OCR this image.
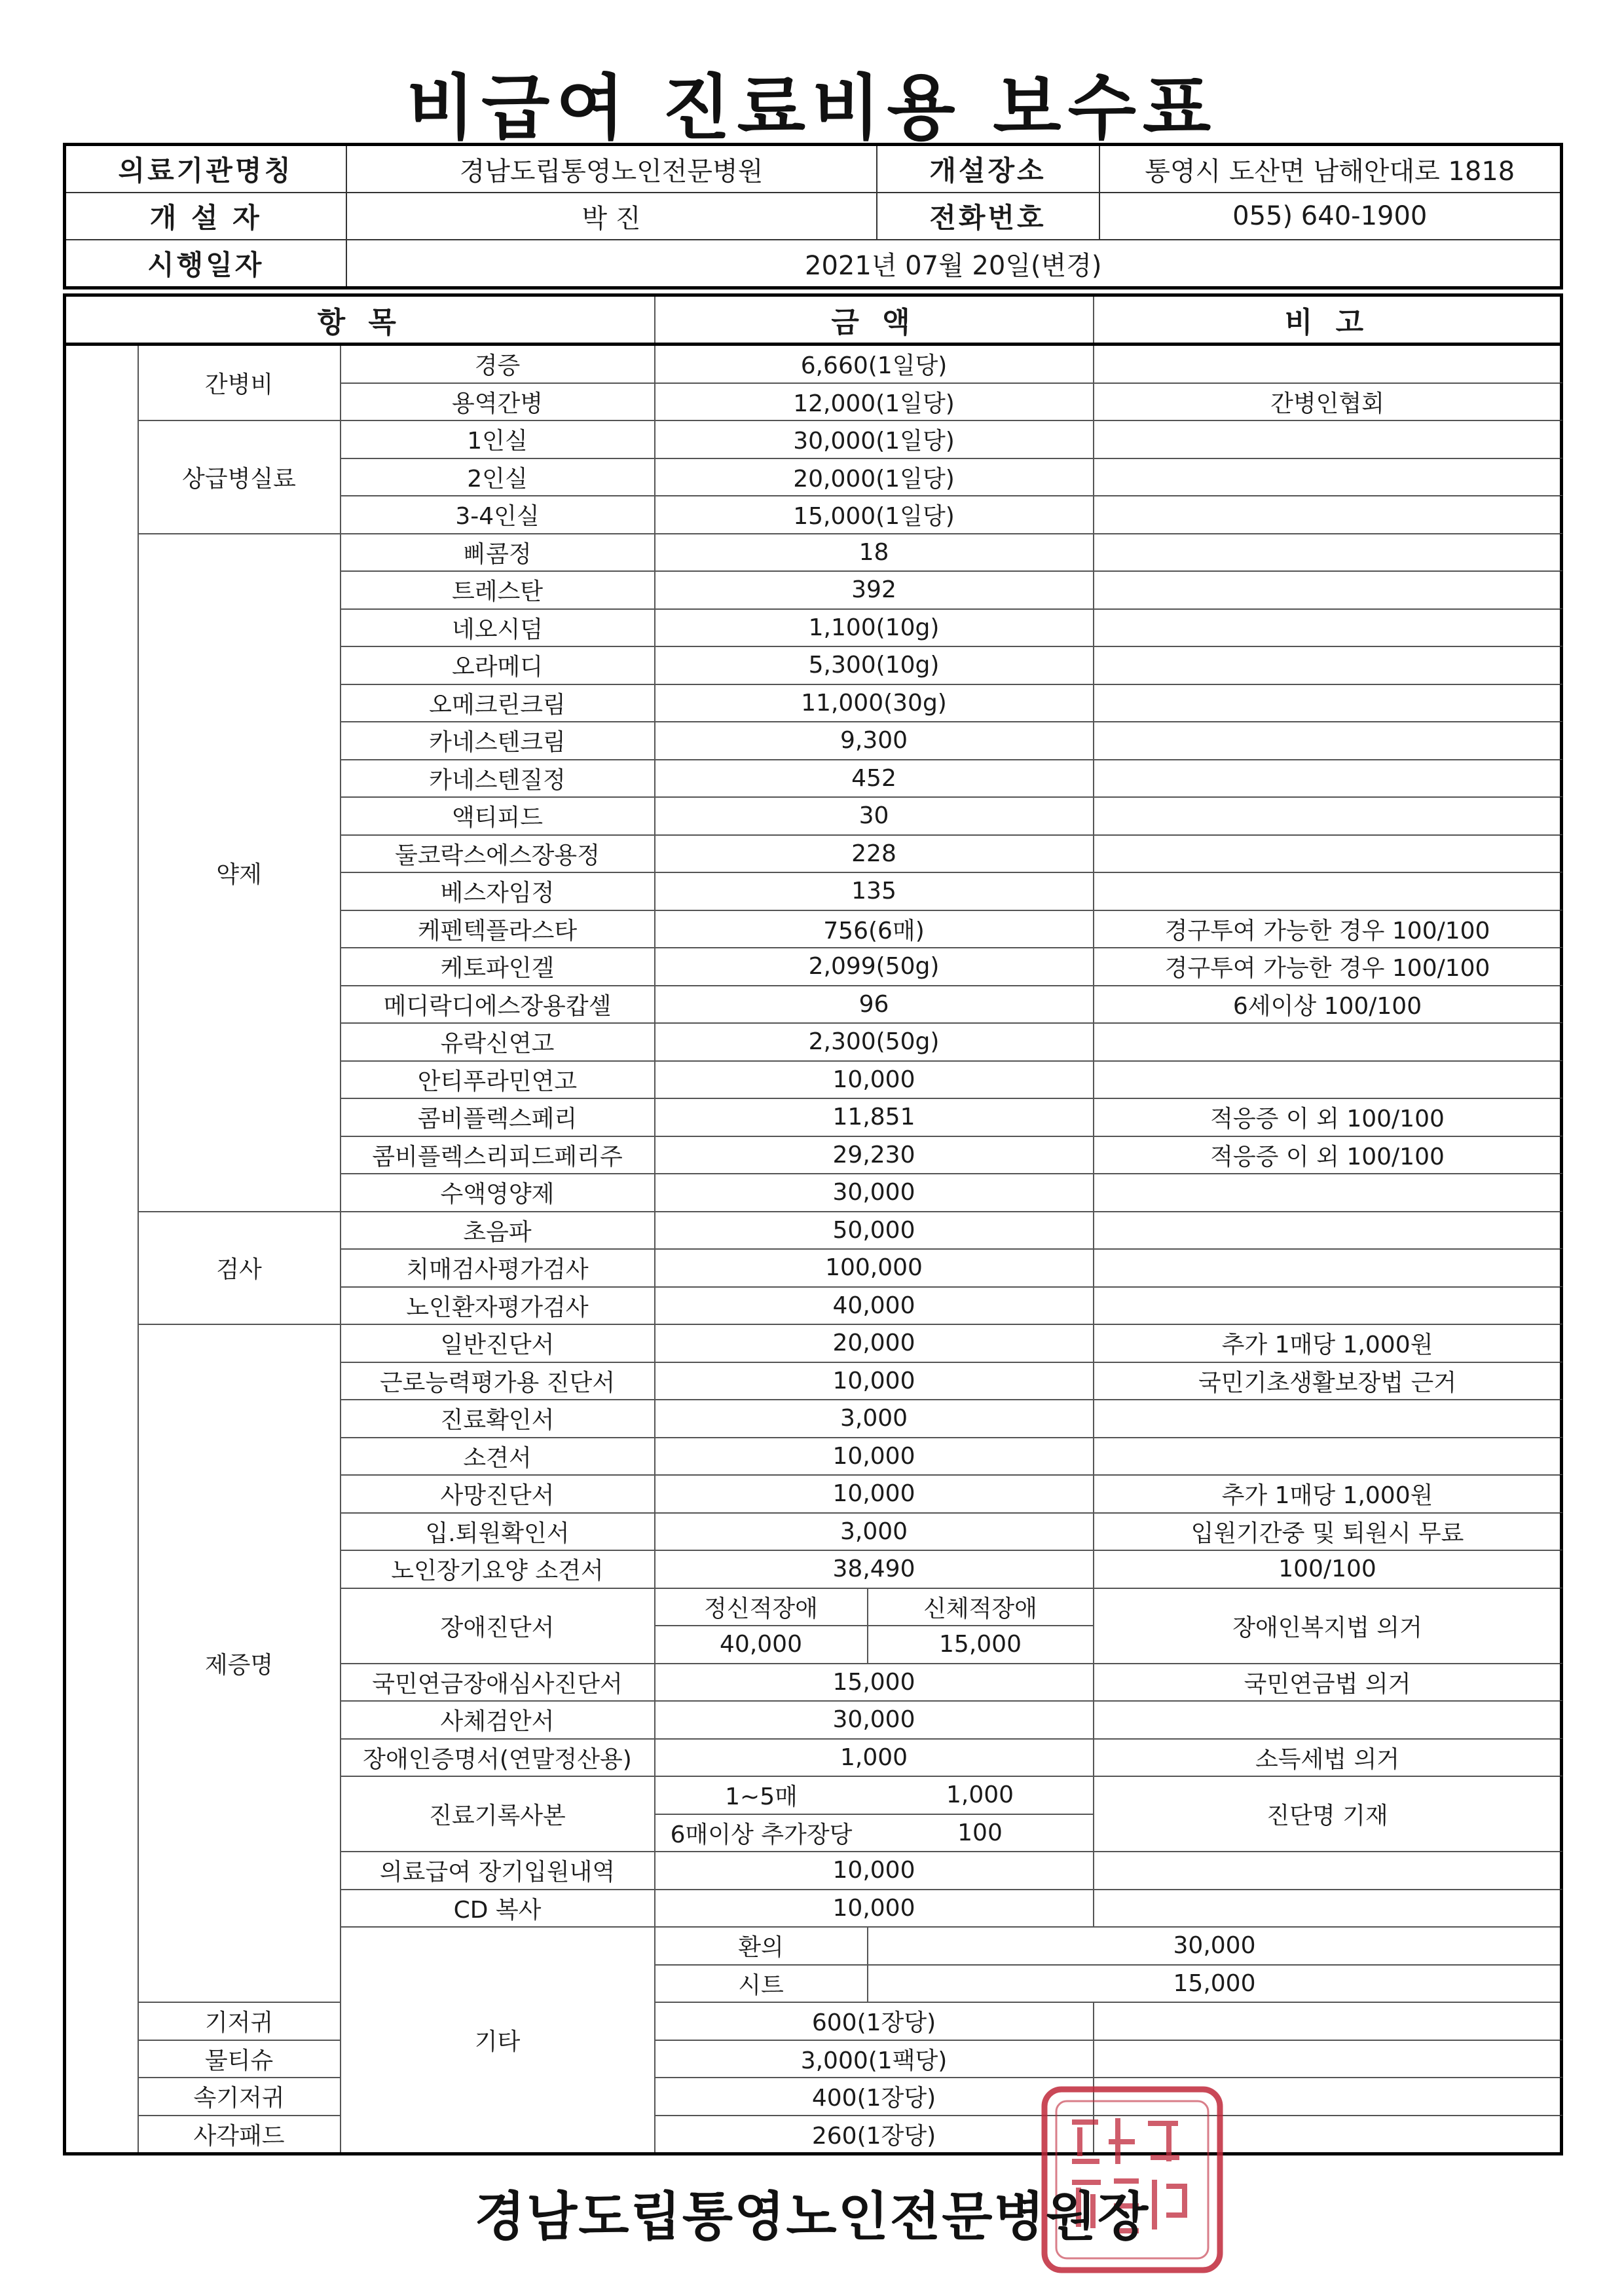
비급여 진료비용 보수표
의료기관명칭	경남도립통영노인전문병원	개설장소	통영시 도산면 남해안대로 1818
개 설 자	박 진	전화번호	055) 640-1900
시행일자	2021년 07월 20일(변경)		
항 목			금 액		비 고	
	간병비	경증	6,660(1일당)			
		용역간병	12,000(1일당)		간병인협회	
	상급병실료	1인실	30,000(1일당)			
		2인실	20,000(1일당)			
		3-4인실	15,000(1일당)			
	약제	삐콤정	18			
		트레스탄	392			
		네오시덤	1,100(10g)			
		오라메디	5,300(10g)			
		오메크린크림	11,000(30g)			
		카네스텐크림	9,300			
		카네스텐질정	452			
		액티피드	30			
		둘코락스에스장용정	228			
		베스자임정	135			
		케펜텍플라스타	756(6매)		경구투여 가능한 경우 100/100	
		케토파인겔	2,099(50g)		경구투여 가능한 경우 100/100	
		메디락디에스장용캅셀	96		6세이상 100/100	
		유락신연고	2,300(50g)			
		안티푸라민연고	10,000			
		콤비플렉스페리	11,851		적응증 이 외 100/100	
		콤비플렉스리피드페리주	29,230		적응증 이 외 100/100	
		수액영양제	30,000			
	검사	초음파	50,000			
		치매검사평가검사	100,000			
		노인환자평가검사	40,000			
	제증명	일반진단서	20,000		추가 1매당 1,000원	
		근로능력평가용 진단서	10,000		국민기초생활보장법 근거	
		진료확인서	3,000			
		소견서	10,000			
		사망진단서	10,000		추가 1매당 1,000원	
		입.퇴원확인서	3,000		입원기간중 및 퇴원시 무료	
		노인장기요양 소견서	38,490		100/100	
		장애진단서	정신적장애	신체적장애	장애인복지법 의거	
			40,000	15,000		
		국민연금장애심사진단서	15,000		국민연금법 의거	
		사체검안서	30,000			
		장애인증명서(연말정산용)	1,000		소득세법 의거	
		진료기록사본	1~5매	1,000	진단명 기재	
			6매이상 추가장당	100		
		의료급여 장기입원내역	10,000			
		CD 복사	10,000			
		기타	환의	30,000	
			시트	15,000		
	기저귀		600(1장당)			
	물티슈		3,000(1팩당)			
	속기저귀		400(1장당)			
	사각패드		260(1장당)			
경남도립통영노인전문병원장
